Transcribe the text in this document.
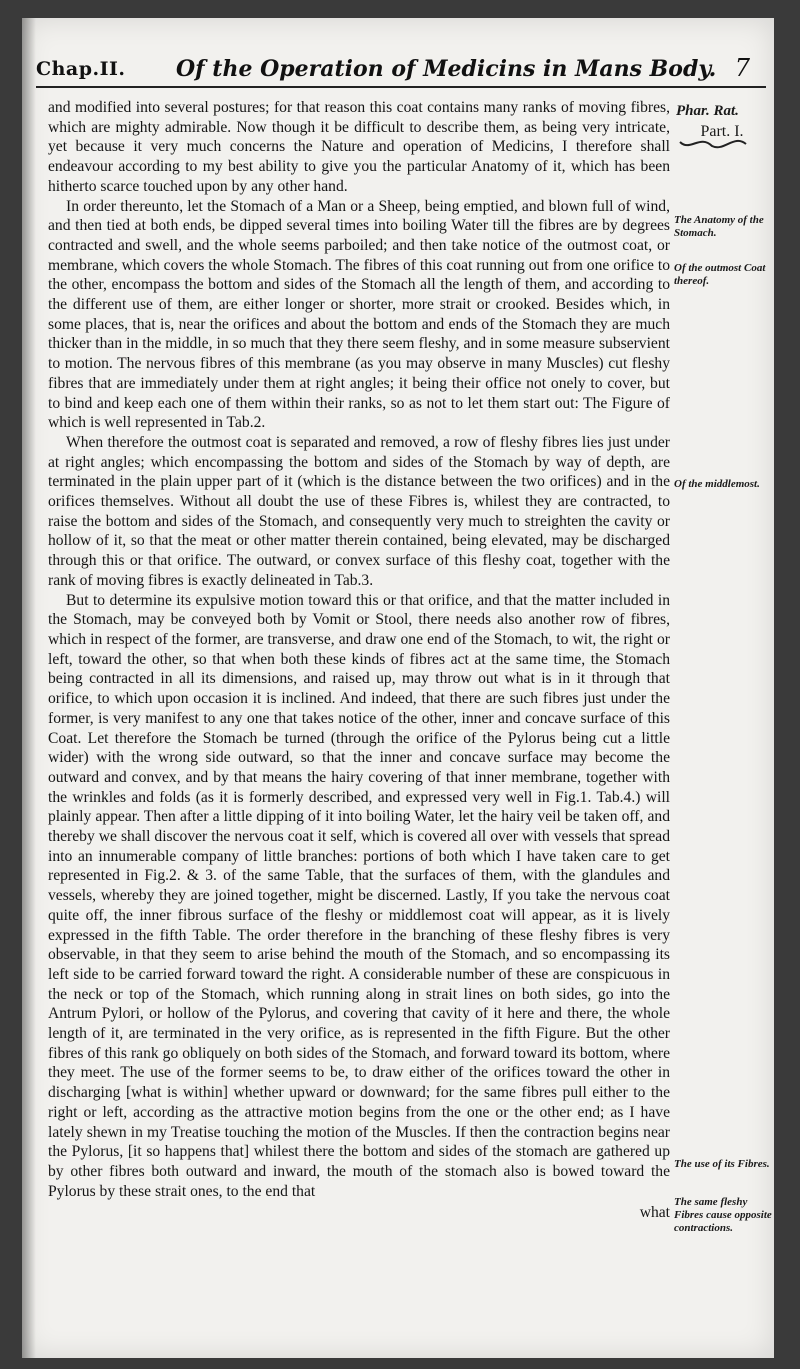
Chap.II. Of the Operation of Medicins in Mans Body. 7

and modified into several postures; for that reason this coat contains many ranks of moving fibres, which are mighty admirable. Now though it be difficult to describe them, as being very intricate, yet because it very much concerns the Nature and operation of Medicins, I therefore shall endeavour according to my best ability to give you the particular Anatomy of it, which has been hitherto scarce touched upon by any other hand.

In order thereunto, let the Stomach of a Man or a Sheep, being emptied, and blown full of wind, and then tied at both ends, be dipped several times into boiling Water till the fibres are by degrees contracted and swell, and the whole seems parboiled; and then take notice of the outmost coat, or membrane, which covers the whole Stomach. The fibres of this coat running out from one orifice to the other, encompass the bottom and sides of the Stomach all the length of them, and according to the different use of them, are either longer or shorter, more strait or crooked. Besides which, in some places, that is, near the orifices and about the bottom and ends of the Stomach they are much thicker than in the middle, in so much that they there seem fleshy, and in some measure subservient to motion. The nervous fibres of this membrane (as you may observe in many Muscles) cut fleshy fibres that are immediately under them at right angles; it being their office not onely to cover, but to bind and keep each one of them within their ranks, so as not to let them start out: The Figure of which is well represented in Tab.2.

When therefore the outmost coat is separated and removed, a row of fleshy fibres lies just under at right angles; which encompassing the bottom and sides of the Stomach by way of depth, are terminated in the plain upper part of it (which is the distance between the two orifices) and in the orifices themselves. Without all doubt the use of these Fibres is, whilest they are contracted, to raise the bottom and sides of the Stomach, and consequently very much to streighten the cavity or hollow of it, so that the meat or other matter therein contained, being elevated, may be discharged through this or that orifice. The outward, or convex surface of this fleshy coat, together with the rank of moving fibres is exactly delineated in Tab.3.

But to determine its expulsive motion toward this or that orifice, and that the matter included in the Stomach, may be conveyed both by Vomit or Stool, there needs also another row of fibres, which in respect of the former, are transverse, and draw one end of the Stomach, to wit, the right or left, toward the other, so that when both these kinds of fibres act at the same time, the Stomach being contracted in all its dimensions, and raised up, may throw out what is in it through that orifice, to which upon occasion it is inclined. And indeed, that there are such fibres just under the former, is very manifest to any one that takes notice of the other, inner and concave surface of this Coat. Let therefore the Stomach be turned (through the orifice of the Pylorus being cut a little wider) with the wrong side outward, so that the inner and concave surface may become the outward and convex, and by that means the hairy covering of that inner membrane, together with the wrinkles and folds (as it is formerly described, and expressed very well in Fig.1. Tab.4.) will plainly appear. Then after a little dipping of it into boiling Water, let the hairy veil be taken off, and thereby we shall discover the nervous coat it self, which is covered all over with vessels that spread into an innumerable company of little branches: portions of both which I have taken care to get represented in Fig.2. & 3. of the same Table, that the surfaces of them, with the glandules and vessels, whereby they are joined together, might be discerned. Lastly, If you take the nervous coat quite off, the inner fibrous surface of the fleshy or middlemost coat will appear, as it is lively expressed in the fifth Table. The order therefore in the branching of these fleshy fibres is very observable, in that they seem to arise behind the mouth of the Stomach, and so encompassing its left side to be carried forward toward the right. A considerable number of these are conspicuous in the neck or top of the Stomach, which running along in strait lines on both sides, go into the Antrum Pylori, or hollow of the Pylorus, and covering that cavity of it here and there, the whole length of it, are terminated in the very orifice, as is represented in the fifth Figure. But the other fibres of this rank go obliquely on both sides of the Stomach, and forward toward its bottom, where they meet. The use of the former seems to be, to draw either of the orifices toward the other in discharging [what is within] whether upward or downward; for the same fibres pull either to the right or left, according as the attractive motion begins from the one or the other end; as I have lately shewn in my Treatise touching the motion of the Muscles. If then the contraction begins near the Pylorus, [it so happens that] whilest there the bottom and sides of the stomach are gathered up by other fibres both outward and inward, the mouth of the stomach also is bowed toward the Pylorus by these strait ones, to the end that

what

Phar. Rat.
Part. I.
The Anatomy of the Stomach.
Of the outmost Coat thereof.
Of the middlemost.
The use of its Fibres.
The same fleshy Fibres cause opposite contractions.
